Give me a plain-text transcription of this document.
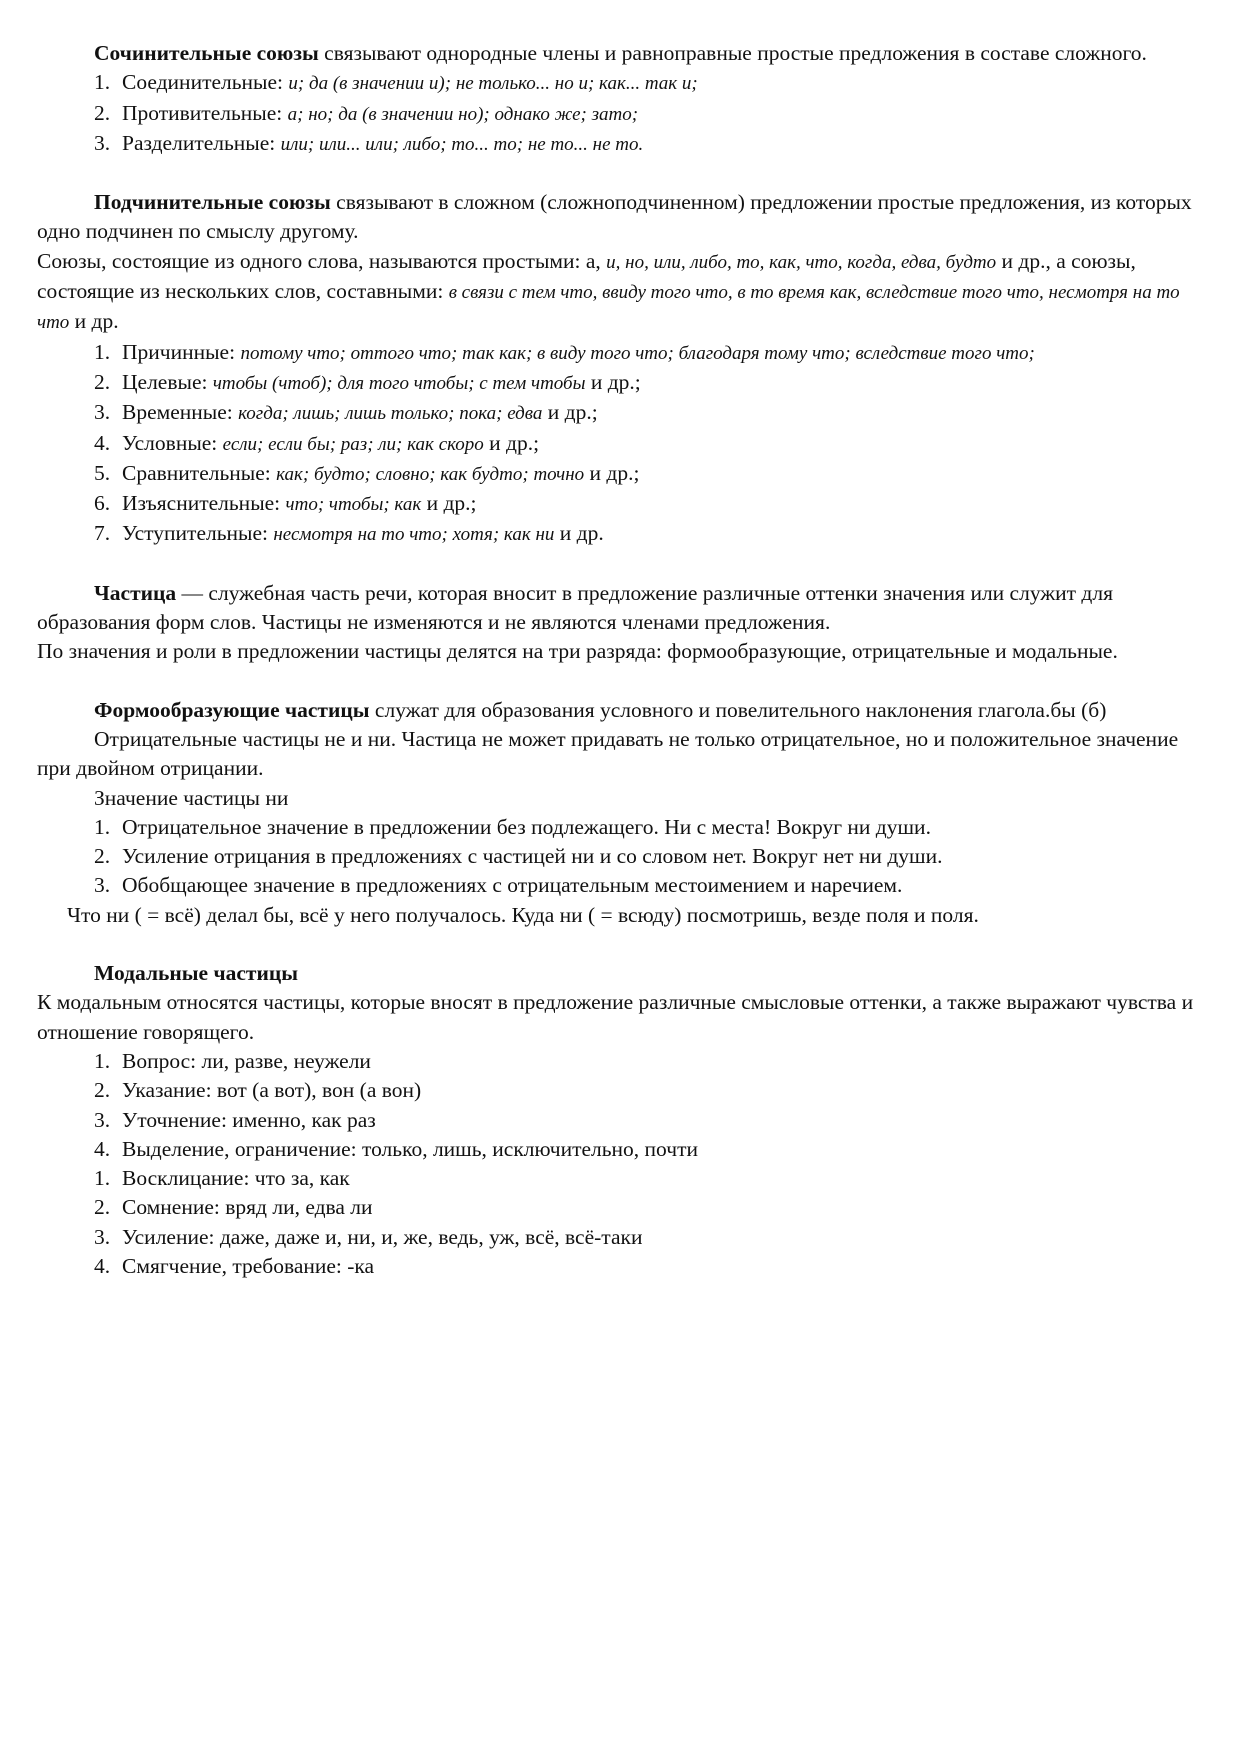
Сочинительные союзы связывают однородные члены и равноправные простые предложения в составе сложного.

1. Соединительные: и; да (в значении и); не только... но и; как... так и;
2. Противительные: а; но; да (в значении но); однако же; зато;
3. Разделительные: или; или... или; либо; то... то; не то... не то.

Подчинительные союзы связывают в сложном (сложноподчиненном) предложении простые предложения, из которых одно подчинен по смыслу другому.

Союзы, состоящие из одного слова, называются простыми: а, и, но, или, либо, то, как, что, когда, едва, будто и др., а союзы, состоящие из нескольких слов, составными: в связи с тем что, ввиду того что, в то время как, вследствие того что, несмотря на то что и др.

1. Причинные: потому что; оттого что; так как; в виду того что; благодаря тому что; вследствие того что;
2. Целевые: чтобы (чтоб); для того чтобы; с тем чтобы и др.;
3. Временные: когда; лишь; лишь только; пока; едва и др.;
4. Условные: если; если бы; раз; ли; как скоро и др.;
5. Сравнительные: как; будто; словно; как будто; точно и др.;
6. Изъяснительные: что; чтобы; как и др.;
7. Уступительные: несмотря на то что; хотя; как ни и др.

Частица — служебная часть речи, которая вносит в предложение различные оттенки значения или служит для образования форм слов. Частицы не изменяются и не являются членами предложения.

По значения и роли в предложении частицы делятся на три разряда: формообразующие, отрицательные и модальные.

Формообразующие частицы служат для образования условного и повелительного наклонения глагола.бы (б)

Отрицательные частицы не и ни. Частица не может придавать не только отрицательное, но и положительное значение при двойном отрицании.

Значение частицы ни

1. Отрицательное значение в предложении без подлежащего. Ни с места! Вокруг ни души.
2. Усиление отрицания в предложениях с частицей ни и со словом нет. Вокруг нет ни души.
3. Обобщающее значение в предложениях с отрицательным местоимением и наречием.

Что ни ( = всё) делал бы, всё у него получалось. Куда ни ( = всюду) посмотришь, везде поля и поля.

Модальные частицы

К модальным относятся частицы, которые вносят в предложение различные смысловые оттенки, а также выражают чувства и отношение говорящего.

1. Вопрос: ли, разве, неужели
2. Указание: вот (а вот), вон (а вон)
3. Уточнение: именно, как раз
4. Выделение, ограничение: только, лишь, исключительно, почти
1. Восклицание: что за, как
2. Сомнение: вряд ли, едва ли
3. Усиление: даже, даже и, ни, и, же, ведь, уж, всё, всё-таки
4. Смягчение, требование: -ка
